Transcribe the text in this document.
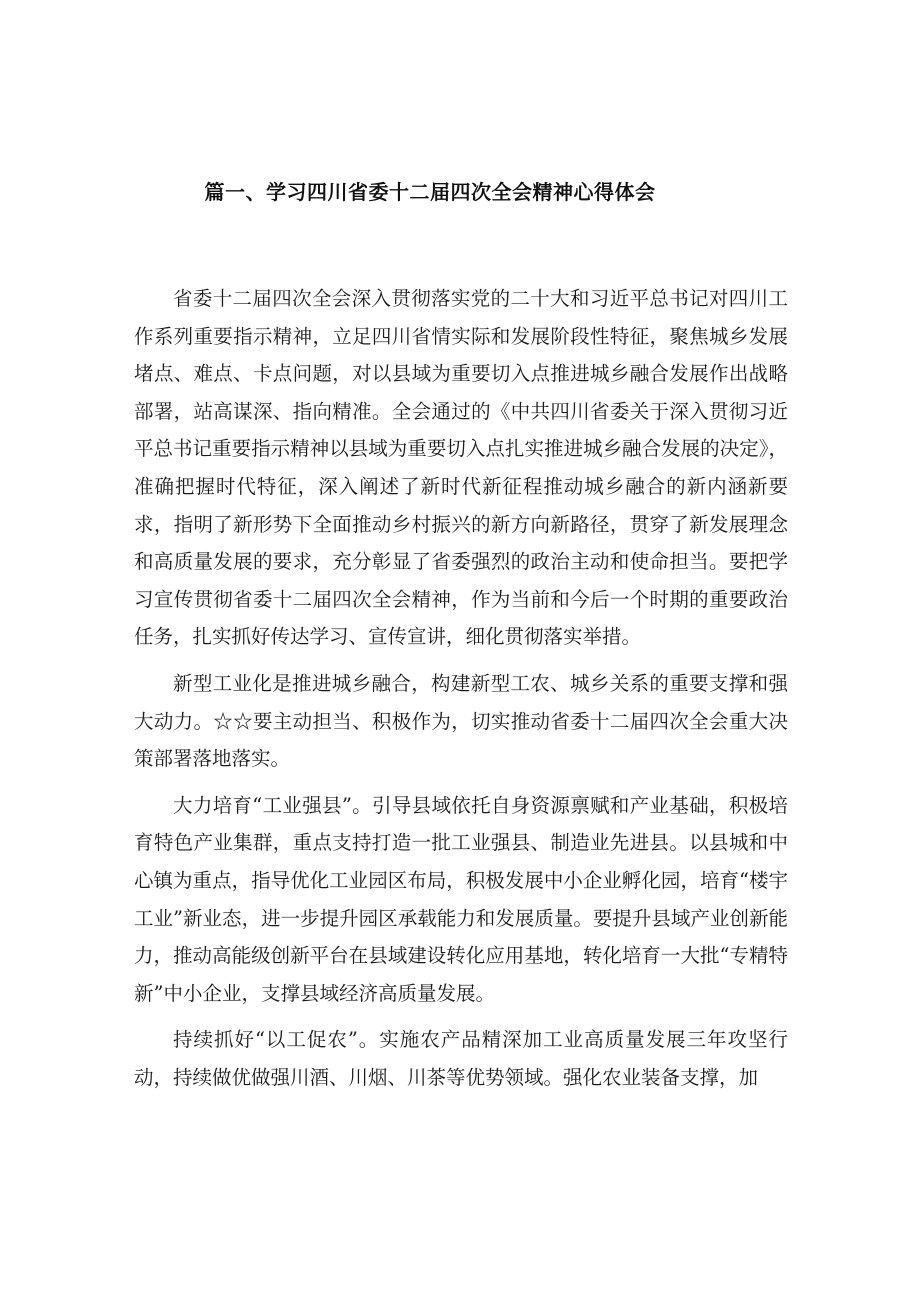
篇一、学习四川省委十二届四次全会精神心得体会

省委十二届四次全会深入贯彻落实党的二十大和习近平总书记对四川工作系列重要指示精神，立足四川省情实际和发展阶段性特征，聚焦城乡发展堵点、难点、卡点问题，对以县域为重要切入点推进城乡融合发展作出战略部署，站高谋深、指向精准。全会通过的《中共四川省委关于深入贯彻习近平总书记重要指示精神以县域为重要切入点扎实推进城乡融合发展的决定》，准确把握时代特征，深入阐述了新时代新征程推动城乡融合的新内涵新要求，指明了新形势下全面推动乡村振兴的新方向新路径，贯穿了新发展理念和高质量发展的要求，充分彰显了省委强烈的政治主动和使命担当。要把学习宣传贯彻省委十二届四次全会精神，作为当前和今后一个时期的重要政治任务，扎实抓好传达学习、宣传宣讲，细化贯彻落实举措。

新型工业化是推进城乡融合，构建新型工农、城乡关系的重要支撑和强大动力。☆☆要主动担当、积极作为，切实推动省委十二届四次全会重大决策部署落地落实。

大力培育“工业强县”。引导县域依托自身资源禀赋和产业基础，积极培育特色产业集群，重点支持打造一批工业强县、制造业先进县。以县城和中心镇为重点，指导优化工业园区布局，积极发展中小企业孵化园，培育“楼宇工业”新业态，进一步提升园区承载能力和发展质量。要提升县域产业创新能力，推动高能级创新平台在县域建设转化应用基地，转化培育一大批“专精特新”中小企业，支撑县域经济高质量发展。

持续抓好“以工促农”。实施农产品精深加工业高质量发展三年攻坚行动，持续做优做强川酒、川烟、川茶等优势领域。强化农业装备支撑，加
